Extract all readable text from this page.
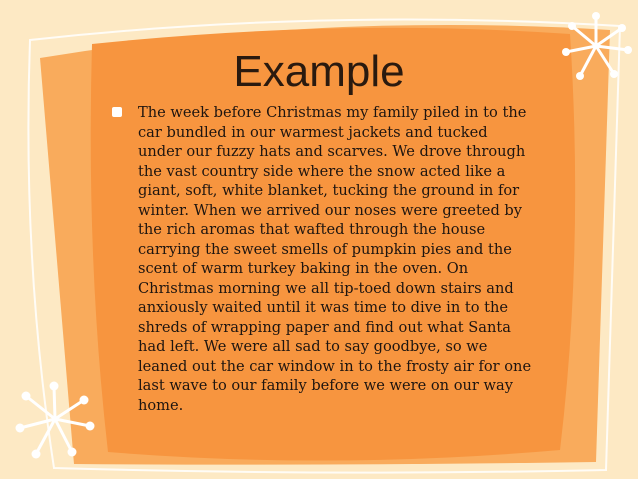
Example
The week before Christmas my family piled in to the
car bundled in our warmest jackets and tucked
under our fuzzy hats and scarves. We drove through
the vast country side where the snow acted like a
giant, soft, white blanket, tucking the ground in for
winter. When we arrived our noses were greeted by
the rich aromas that wafted through the house
carrying the sweet smells of pumpkin pies and the
scent of warm turkey baking in the oven. On
Christmas morning we all tip-toed down stairs and
anxiously waited until it was time to dive in to the
shreds of wrapping paper and find out what Santa
had left. We were all sad to say goodbye, so we
leaned out the car window in to the frosty air for one
last wave to our family before we were on our way
home.
